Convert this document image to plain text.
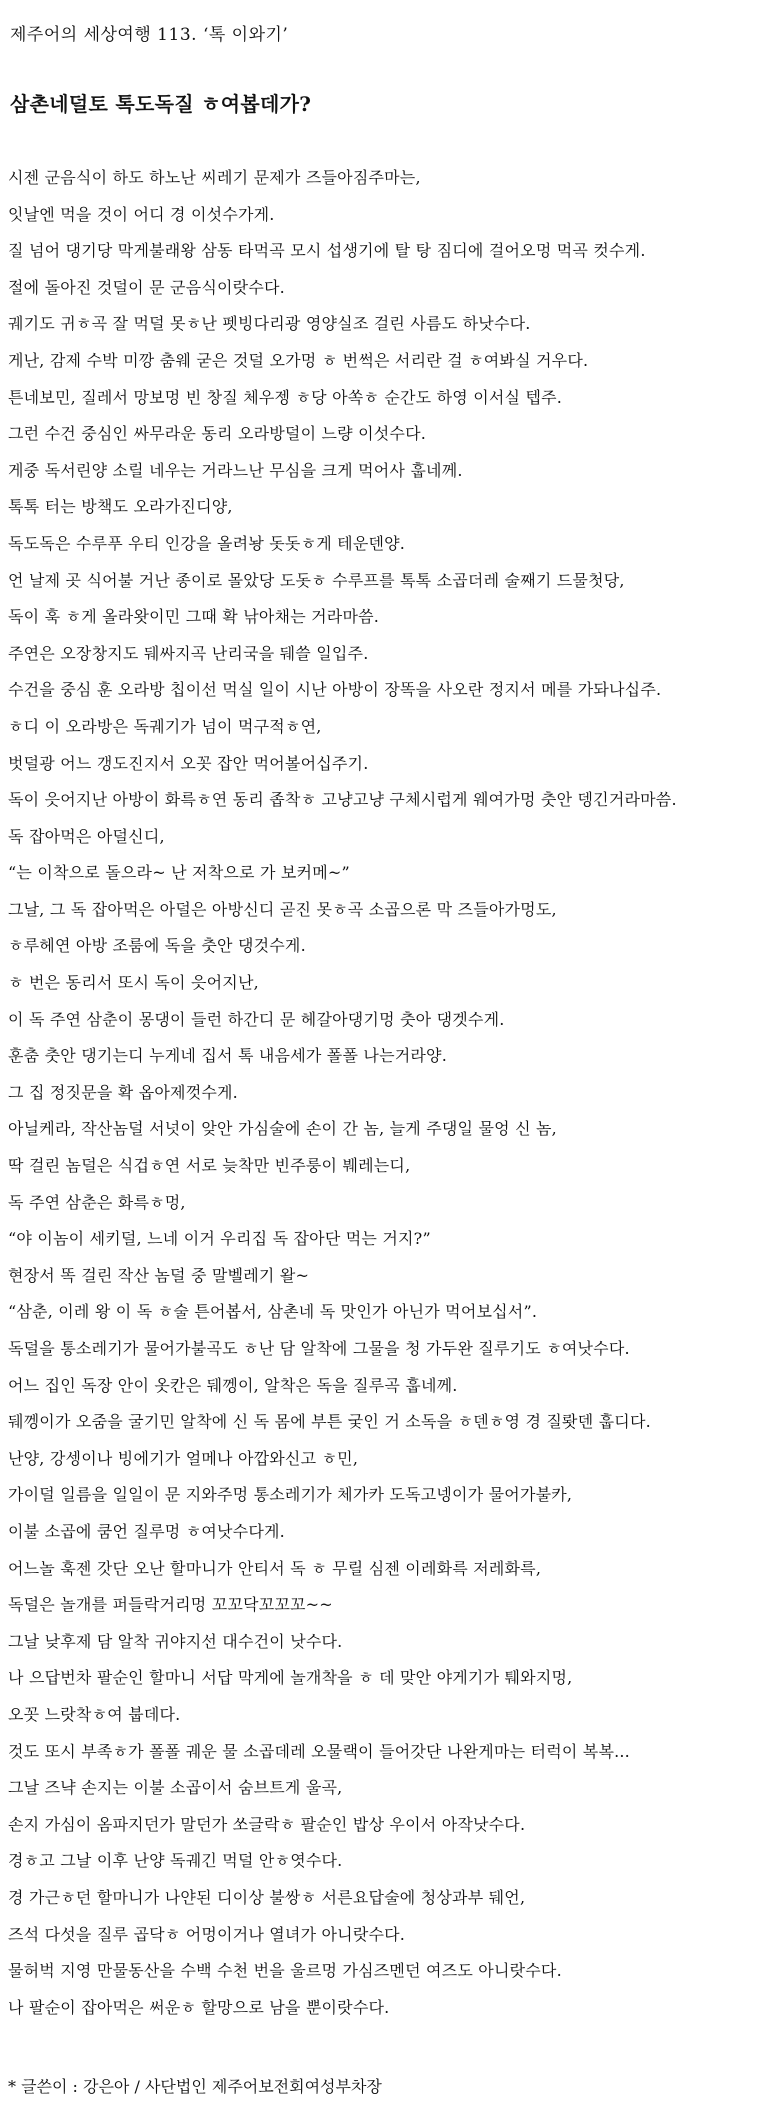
제주어의 세상여행 113. ‘톡 이와기’
삼촌네덜토 톡도독질 ㅎ여봅데가?
시젠 군음식이 하도 하노난 씨레기 문제가 즈들아짐주마는,
잇날엔 먹을 것이 어디 경 이섯수가게.
질 넘어 댕기당 막게불래왕 삼동 타먹곡 모시 섭생기에 탈 탕 짐디에 걸어오멍 먹곡 컷수게.
절에 돌아진 것덜이 문 군음식이랏수다.
궤기도 귀ㅎ곡 잘 먹덜 못ㅎ난 펫빙다리광 영양실조 걸린 사름도 하낫수다.
게난, 감제 수박 미깡 춤웨 굳은 것덜 오가멍 ㅎ 번썩은 서리란 걸 ㅎ여봐실 거우다.
튼네보민, 질레서 망보멍 빈 창질 체우젱 ㅎ당 아쏙ㅎ 순간도 하영 이서실 텝주.
그런 수건 중심인 싸무라운 동리 오라방덜이 느량 이섯수다.
게중 독서린양 소릴 네우는 거라느난 무심을 크게 먹어사 훕네께.
톡톡 터는 방책도 오라가진디양,
독도독은 수루푸 우티 인강을 올려놩 돗돗ㅎ게 테운덴양.
언 날제 곳 식어불 거난 종이로 몰았당 도돗ㅎ 수루프를 톡톡 소곱더레 술째기 드물첫당,
독이 훅 ㅎ게 올라왓이민 그때 확 낚아채는 거라마씀.
주연은 오장창지도 뒈싸지곡 난리국을 뒈쓸 일입주.
수건을 중심 훈 오라방 칩이선 먹실 일이 시난 아방이 장똑을 사오란 정지서 메를 가돠나십주.
ㅎ디 이 오라방은 독궤기가 넘이 먹구적ㅎ연,
벗덜광 어느 갱도진지서 오꼿 잡안 먹어볼어십주기.
독이 읏어지난 아방이 화륵ㅎ연 동리 좁착ㅎ 고냥고냥 구체시럽게 웨여가멍 춧안 뎅긴거라마씀.
독 잡아먹은 아덜신디,
“는 이착으로 돌으라~ 난 저착으로 가 보커메~”
그날, 그 독 잡아먹은 아덜은 아방신디 곧진 못ㅎ곡 소곱으론 막 즈들아가멍도,
ㅎ루헤연 아방 조룸에 독을 춧안 댕것수게.
ㅎ 번은 동리서 또시 독이 읏어지난,
이 독 주연 삼춘이 몽댕이 들런 하간디 문 헤갈아댕기멍 춧아 댕겟수게.
훈춤 춧안 댕기는디 누게네 집서 톡 내음세가 폴폴 나는거라양.
그 집 정짓문을 확 옵아제껏수게.
아닐케라, 작산놈덜 서넛이 앚안 가심술에 손이 간 놈, 늘게 주댕일 물엉 신 놈,
딱 걸린 놈덜은 식겁ㅎ연 서로 늦착만 빈주룽이 붸레는디,
독 주연 삼춘은 화륵ㅎ멍,
“야 이놈이 세키덜, 느네 이거 우리집 독 잡아단 먹는 거지?”
현장서 똑 걸린 작산 놈덜 중 말벨레기 왈~
“삼춘, 이레 왕 이 독 ㅎ술 튼어봅서, 삼촌네 독 맛인가 아닌가 먹어보십서”.
독덜을 통소레기가 물어가불곡도 ㅎ난 담 알착에 그물을 청 가두완 질루기도 ㅎ여낫수다.
어느 집인 독장 안이 옷칸은 뒈껭이, 알착은 독을 질루곡 훕네께.
뒈껭이가 오줌을 굴기민 알착에 신 독 몸에 부튼 궂인 거 소독을 ㅎ덴ㅎ영 경 질뢋덴 훕디다.
난양, 강셍이나 빙에기가 얼메나 아깝와신고 ㅎ민,
가이덜 일름을 일일이 문 지와주멍 통소레기가 체가카 도독고넹이가 물어가불카,
이불 소곱에 쿰언 질루멍 ㅎ여낫수다게.
어느놀 훅젠 갓단 오난 할마니가 안티서 독 ㅎ 무릴 심젠 이레화륵 저레화륵,
독덜은 놀개를 퍼들락거리멍 꼬꼬닥꼬꼬꼬~~
그날 낮후제 담 알착 귀야지선 대수건이 낫수다.
나 으답번차 팔순인 할마니 서답 막게에 놀개착을 ㅎ 데 맞안 야게기가 퉤와지멍,
오꼿 느랏착ㅎ여 붑데다.
것도 또시 부족ㅎ가 폴폴 궤운 물 소곱데레 오물랙이 들어갓단 나완게마는 터럭이 복복...
그날 즈냑 손지는 이불 소곱이서 숨브트게 울곡,
손지 가심이 옴파지던가 말던가 쏘글락ㅎ 팔순인 밥상 우이서 아작낫수다.
경ㅎ고 그날 이후 난양 독궤긴 먹덜 안ㅎ엿수다.
경 가근ㅎ던 할마니가 나얀된 디이상 불쌍ㅎ 서른요답술에 청상과부 뒈언,
즈석 다섯을 질루 곱닥ㅎ 어멍이거나 열녀가 아니랏수다.
물허벅 지영 만물동산을 수백 수천 번을 울르멍 가심즈멘던 여즈도 아니랏수다.
나 팔순이 잡아먹은 써운ㅎ 할망으로 남을 뿐이랏수다.
* 글쓴이 : 강은아 / 사단법인 제주어보전회여성부차장
